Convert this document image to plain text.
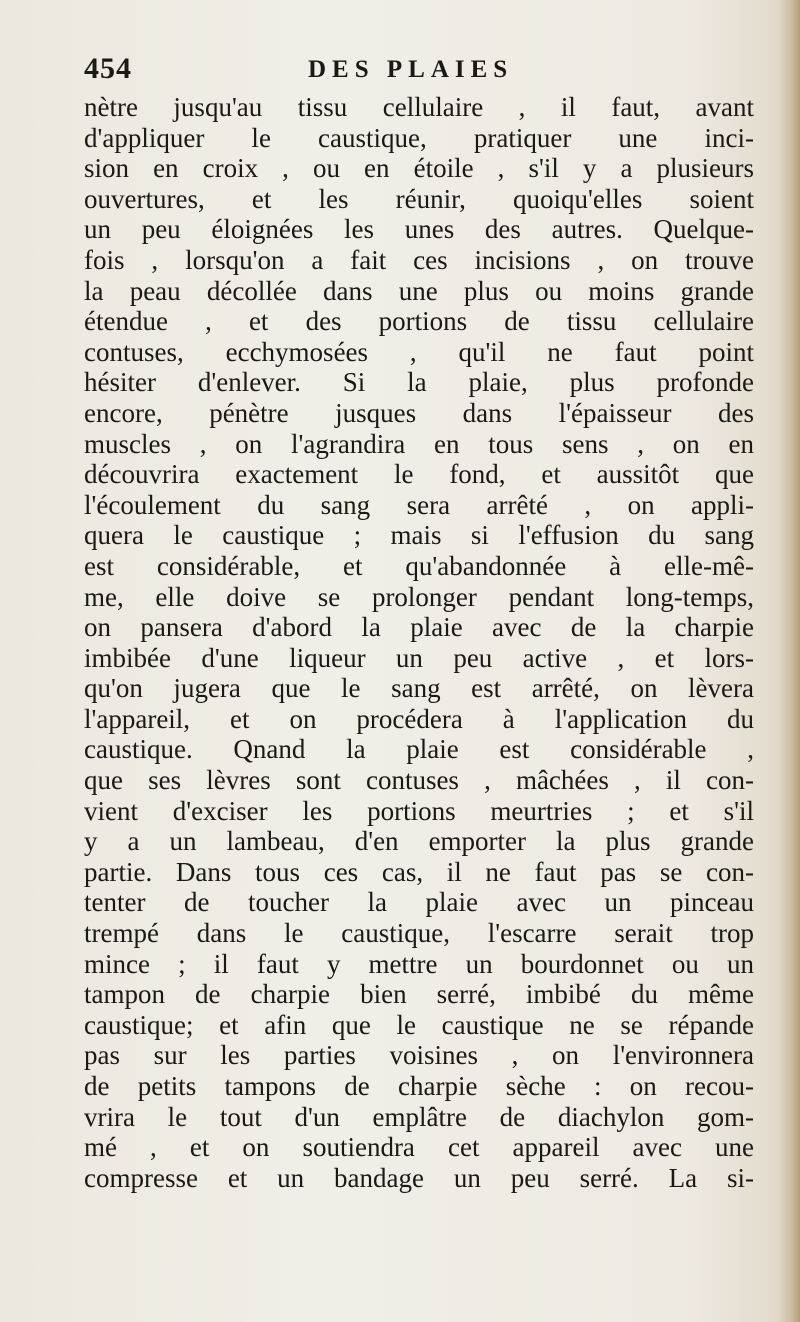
454	DES PLAIES
nètre jusqu'au tissu cellulaire , il faut, avant
d'appliquer le caustique, pratiquer une inci-
sion en croix , ou en étoile , s'il y a plusieurs
ouvertures, et les réunir, quoiqu'elles soient
un peu éloignées les unes des autres. Quelque-
fois , lorsqu'on a fait ces incisions , on trouve
la peau décollée dans une plus ou moins grande
étendue , et des portions de tissu cellulaire
contuses, ecchymosées , qu'il ne faut point
hésiter d'enlever. Si la plaie, plus profonde
encore, pénètre jusques dans l'épaisseur des
muscles , on l'agrandira en tous sens , on en
découvrira exactement le fond, et aussitôt que
l'écoulement du sang sera arrêté , on appli-
quera le caustique ; mais si l'effusion du sang
est considérable, et qu'abandonnée à elle-mê-
me, elle doive se prolonger pendant long-temps,
on pansera d'abord la plaie avec de la charpie
imbibée d'une liqueur un peu active , et lors-
qu'on jugera que le sang est arrêté, on lèvera
l'appareil, et on procédera à l'application du
caustique. Qnand la plaie est considérable ,
que ses lèvres sont contuses , mâchées , il con-
vient d'exciser les portions meurtries ; et s'il
y a un lambeau, d'en emporter la plus grande
partie. Dans tous ces cas, il ne faut pas se con-
tenter de toucher la plaie avec un pinceau
trempé dans le caustique, l'escarre serait trop
mince ; il faut y mettre un bourdonnet ou un
tampon de charpie bien serré, imbibé du même
caustique; et afin que le caustique ne se répande
pas sur les parties voisines , on l'environnera
de petits tampons de charpie sèche : on recou-
vrira le tout d'un emplâtre de diachylon gom-
mé , et on soutiendra cet appareil avec une
compresse et un bandage un peu serré. La si-
